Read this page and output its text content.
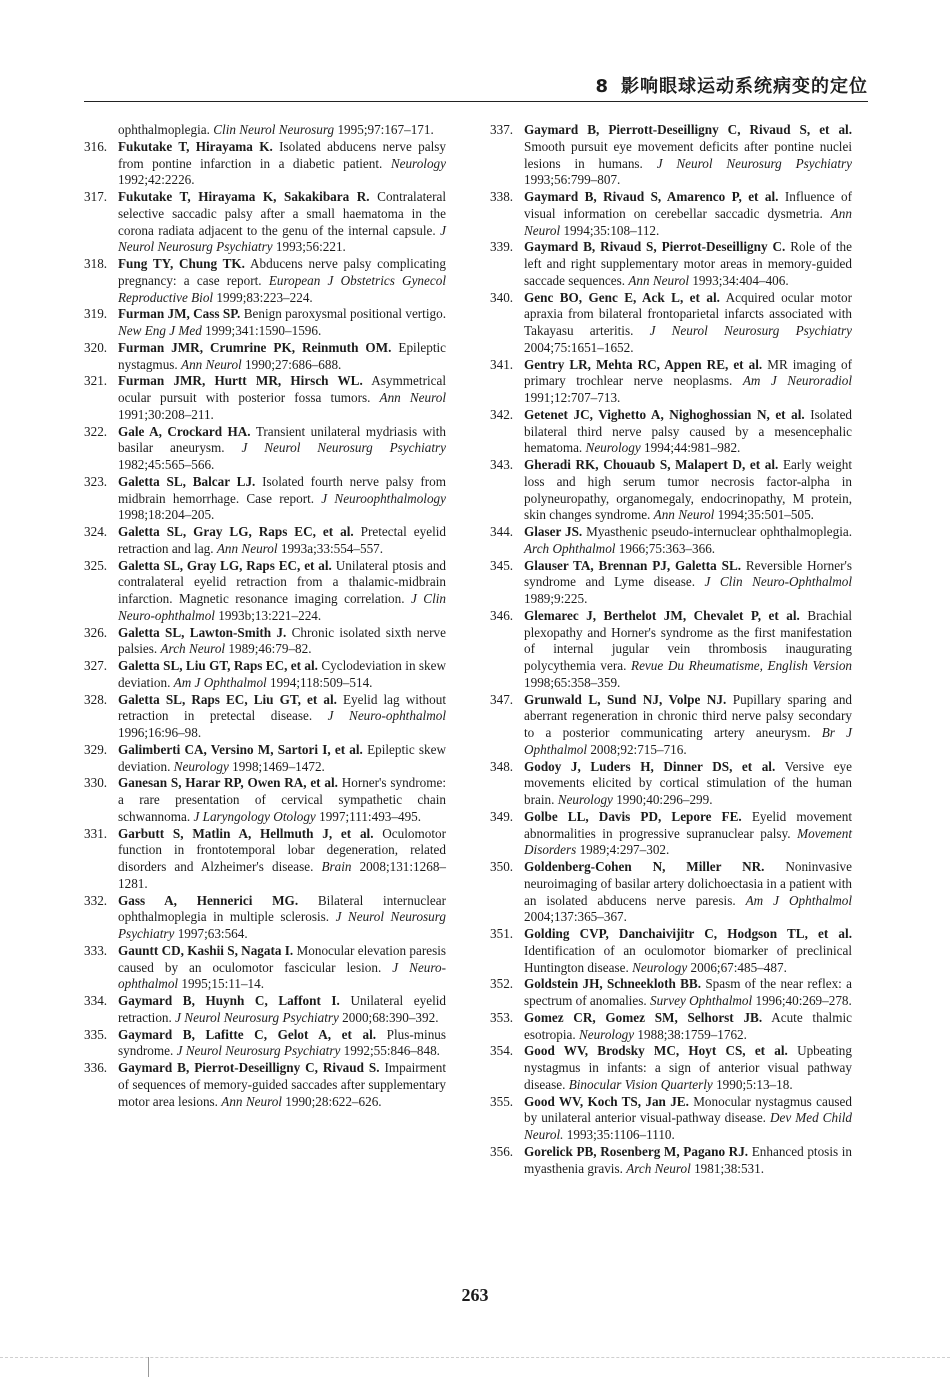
8 影响眼球运动系统病变的定位
ophthalmoplegia. Clin Neurol Neurosurg 1995;97:167–171.
316. Fukutake T, Hirayama K. Isolated abducens nerve palsy from pontine infarction in a diabetic patient. Neurology 1992;42:2226.
317. Fukutake T, Hirayama K, Sakakibara R. Contralateral selective saccadic palsy after a small haematoma in the corona radiata adjacent to the genu of the internal capsule. J Neurol Neurosurg Psychiatry 1993;56:221.
318. Fung TY, Chung TK. Abducens nerve palsy complicating pregnancy: a case report. European J Obstetrics Gynecol Reproductive Biol 1999;83:223–224.
319. Furman JM, Cass SP. Benign paroxysmal positional vertigo. New Eng J Med 1999;341:1590–1596.
320. Furman JMR, Crumrine PK, Reinmuth OM. Epileptic nystagmus. Ann Neurol 1990;27:686–688.
321. Furman JMR, Hurtt MR, Hirsch WL. Asymmetrical ocular pursuit with posterior fossa tumors. Ann Neurol 1991;30:208–211.
322. Gale A, Crockard HA. Transient unilateral mydriasis with basilar aneurysm. J Neurol Neurosurg Psychiatry 1982;45:565–566.
323. Galetta SL, Balcar LJ. Isolated fourth nerve palsy from midbrain hemorrhage. Case report. J Neuroophthalmology 1998;18:204–205.
324. Galetta SL, Gray LG, Raps EC, et al. Pretectal eyelid retraction and lag. Ann Neurol 1993a;33:554–557.
325. Galetta SL, Gray LG, Raps EC, et al. Unilateral ptosis and contralateral eyelid retraction from a thalamic-midbrain infarction. Magnetic resonance imaging correlation. J Clin Neuro-ophthalmol 1993b;13:221–224.
326. Galetta SL, Lawton-Smith J. Chronic isolated sixth nerve palsies. Arch Neurol 1989;46:79–82.
327. Galetta SL, Liu GT, Raps EC, et al. Cyclodeviation in skew deviation. Am J Ophthalmol 1994;118:509–514.
328. Galetta SL, Raps EC, Liu GT, et al. Eyelid lag without retraction in pretectal disease. J Neuro-ophthalmol 1996;16:96–98.
329. Galimberti CA, Versino M, Sartori I, et al. Epileptic skew deviation. Neurology 1998;1469–1472.
330. Ganesan S, Harar RP, Owen RA, et al. Horner's syndrome: a rare presentation of cervical sympathetic chain schwannoma. J Laryngology Otology 1997;111:493–495.
331. Garbutt S, Matlin A, Hellmuth J, et al. Oculomotor function in frontotemporal lobar degeneration, related disorders and Alzheimer's disease. Brain 2008;131:1268–1281.
332. Gass A, Hennerici MG. Bilateral internuclear ophthalmoplegia in multiple sclerosis. J Neurol Neurosurg Psychiatry 1997;63:564.
333. Gauntt CD, Kashii S, Nagata I. Monocular elevation paresis caused by an oculomotor fascicular lesion. J Neuro-ophthalmol 1995;15:11–14.
334. Gaymard B, Huynh C, Laffont I. Unilateral eyelid retraction. J Neurol Neurosurg Psychiatry 2000;68:390–392.
335. Gaymard B, Lafitte C, Gelot A, et al. Plus-minus syndrome. J Neurol Neurosurg Psychiatry 1992;55:846–848.
336. Gaymard B, Pierrot-Deseilligny C, Rivaud S. Impairment of sequences of memory-guided saccades after supplementary motor area lesions. Ann Neurol 1990;28:622–626.
337. Gaymard B, Pierrott-Deseilligny C, Rivaud S, et al. Smooth pursuit eye movement deficits after pontine nuclei lesions in humans. J Neurol Neurosurg Psychiatry 1993;56:799–807.
338. Gaymard B, Rivaud S, Amarenco P, et al. Influence of visual information on cerebellar saccadic dysmetria. Ann Neurol 1994;35:108–112.
339. Gaymard B, Rivaud S, Pierrot-Deseilligny C. Role of the left and right supplementary motor areas in memory-guided saccade sequences. Ann Neurol 1993;34:404–406.
340. Genc BO, Genc E, Ack L, et al. Acquired ocular motor apraxia from bilateral frontoparietal infarcts associated with Takayasu arteritis. J Neurol Neurosurg Psychiatry 2004;75:1651–1652.
341. Gentry LR, Mehta RC, Appen RE, et al. MR imaging of primary trochlear nerve neoplasms. Am J Neuroradiol 1991;12:707–713.
342. Getenet JC, Vighetto A, Nighoghossian N, et al. Isolated bilateral third nerve palsy caused by a mesencephalic hematoma. Neurology 1994;44:981–982.
343. Gheradi RK, Chouaub S, Malapert D, et al. Early weight loss and high serum tumor necrosis factor-alpha in polyneuropathy, organomegaly, endocrinopathy, M protein, skin changes syndrome. Ann Neurol 1994;35:501–505.
344. Glaser JS. Myasthenic pseudo-internuclear ophthalmoplegia. Arch Ophthalmol 1966;75:363–366.
345. Glauser TA, Brennan PJ, Galetta SL. Reversible Horner's syndrome and Lyme disease. J Clin Neuro-Ophthalmol 1989;9:225.
346. Glemarec J, Berthelot JM, Chevalet P, et al. Brachial plexopathy and Horner's syndrome as the first manifestation of internal jugular vein thrombosis inaugurating polycythemia vera. Revue Du Rheumatisme, English Version 1998;65:358–359.
347. Grunwald L, Sund NJ, Volpe NJ. Pupillary sparing and aberrant regeneration in chronic third nerve palsy secondary to a posterior communicating artery aneurysm. Br J Ophthalmol 2008;92:715–716.
348. Godoy J, Luders H, Dinner DS, et al. Versive eye movements elicited by cortical stimulation of the human brain. Neurology 1990;40:296–299.
349. Golbe LL, Davis PD, Lepore FE. Eyelid movement abnormalities in progressive supranuclear palsy. Movement Disorders 1989;4:297–302.
350. Goldenberg-Cohen N, Miller NR. Noninvasive neuroimaging of basilar artery dolichoectasia in a patient with an isolated abducens nerve paresis. Am J Ophthalmol 2004;137:365–367.
351. Golding CVP, Danchaivijitr C, Hodgson TL, et al. Identification of an oculomotor biomarker of preclinical Huntington disease. Neurology 2006;67:485–487.
352. Goldstein JH, Schneekloth BB. Spasm of the near reflex: a spectrum of anomalies. Survey Ophthalmol 1996;40:269–278.
353. Gomez CR, Gomez SM, Selhorst JB. Acute thalmic esotropia. Neurology 1988;38:1759–1762.
354. Good WV, Brodsky MC, Hoyt CS, et al. Upbeating nystagmus in infants: a sign of anterior visual pathway disease. Binocular Vision Quarterly 1990;5:13–18.
355. Good WV, Koch TS, Jan JE. Monocular nystagmus caused by unilateral anterior visual-pathway disease. Dev Med Child Neurol. 1993;35:1106–1110.
356. Gorelick PB, Rosenberg M, Pagano RJ. Enhanced ptosis in myasthenia gravis. Arch Neurol 1981;38:531.
263
